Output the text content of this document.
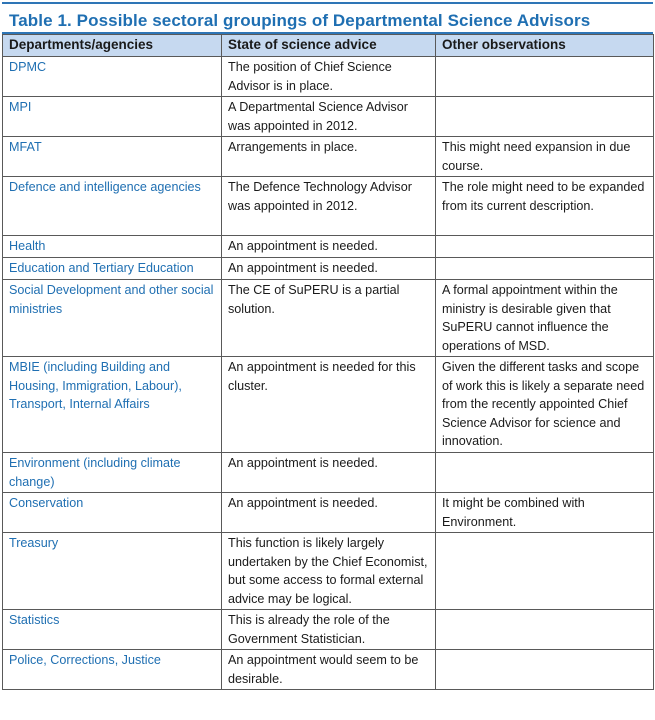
Table 1. Possible sectoral groupings of Departmental Science Advisors
Departments/agencies	State of science advice	Other observations
DPMC	The position of Chief Science Advisor is in place.	
MPI	A Departmental Science Advisor was appointed in 2012.	
MFAT	Arrangements in place.	This might need expansion in due course.
Defence and intelligence agencies	The Defence Technology Advisor was appointed in 2012.	The role might need to be expanded from its current description.
Health	An appointment is needed.	
Education and Tertiary Education	An appointment is needed.	
Social Development and other social ministries	The CE of SuPERU is a partial solution.	A formal appointment within the ministry is desirable given that SuPERU cannot influence the operations of MSD.
MBIE (including Building and Housing, Immigration, Labour), Transport, Internal Affairs	An appointment is needed for this cluster.	Given the different tasks and scope of work this is likely a separate need from the recently appointed Chief Science Advisor for science and innovation.
Environment (including climate change)	An appointment is needed.	
Conservation	An appointment is needed.	It might be combined with Environment.
Treasury	This function is likely largely undertaken by the Chief Economist, but some access to formal external advice may be logical.	
Statistics	This is already the role of the Government Statistician.	
Police, Corrections, Justice	An appointment would seem to be desirable.	
